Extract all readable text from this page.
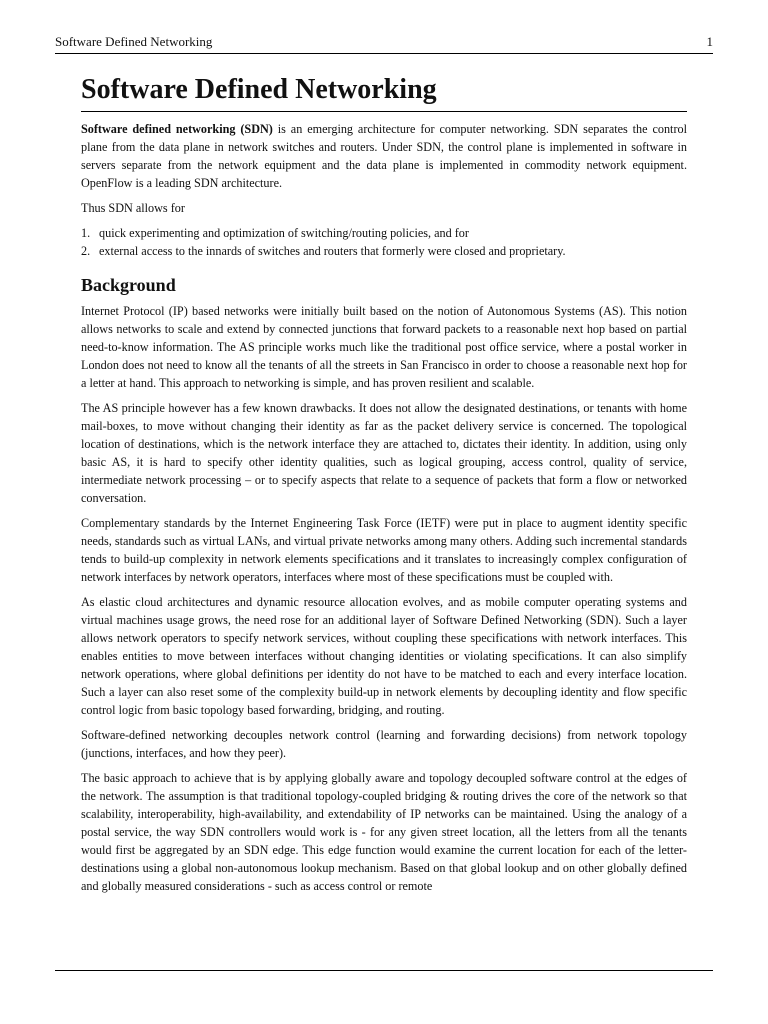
Software Defined Networking	1
Software Defined Networking

Software defined networking (SDN) is an emerging architecture for computer networking. SDN separates the control plane from the data plane in network switches and routers. Under SDN, the control plane is implemented in software in servers separate from the network equipment and the data plane is implemented in commodity network equipment. OpenFlow is a leading SDN architecture.

Thus SDN allows for

1. quick experimenting and optimization of switching/routing policies, and for
2. external access to the innards of switches and routers that formerly were closed and proprietary.
Background

Internet Protocol (IP) based networks were initially built based on the notion of Autonomous Systems (AS). This notion allows networks to scale and extend by connected junctions that forward packets to a reasonable next hop based on partial need-to-know information. The AS principle works much like the traditional post office service, where a postal worker in London does not need to know all the tenants of all the streets in San Francisco in order to choose a reasonable next hop for a letter at hand. This approach to networking is simple, and has proven resilient and scalable.

The AS principle however has a few known drawbacks. It does not allow the designated destinations, or tenants with home mail-boxes, to move without changing their identity as far as the packet delivery service is concerned. The topological location of destinations, which is the network interface they are attached to, dictates their identity. In addition, using only basic AS, it is hard to specify other identity qualities, such as logical grouping, access control, quality of service, intermediate network processing – or to specify aspects that relate to a sequence of packets that form a flow or networked conversation.

Complementary standards by the Internet Engineering Task Force (IETF) were put in place to augment identity specific needs, standards such as virtual LANs, and virtual private networks among many others. Adding such incremental standards tends to build-up complexity in network elements specifications and it translates to increasingly complex configuration of network interfaces by network operators, interfaces where most of these specifications must be coupled with.

As elastic cloud architectures and dynamic resource allocation evolves, and as mobile computer operating systems and virtual machines usage grows, the need rose for an additional layer of Software Defined Networking (SDN). Such a layer allows network operators to specify network services, without coupling these specifications with network interfaces. This enables entities to move between interfaces without changing identities or violating specifications. It can also simplify network operations, where global definitions per identity do not have to be matched to each and every interface location. Such a layer can also reset some of the complexity build-up in network elements by decoupling identity and flow specific control logic from basic topology based forwarding, bridging, and routing.

Software-defined networking decouples network control (learning and forwarding decisions) from network topology (junctions, interfaces, and how they peer).

The basic approach to achieve that is by applying globally aware and topology decoupled software control at the edges of the network. The assumption is that traditional topology-coupled bridging & routing drives the core of the network so that scalability, interoperability, high-availability, and extendability of IP networks can be maintained. Using the analogy of a postal service, the way SDN controllers would work is - for any given street location, all the letters from all the tenants would first be aggregated by an SDN edge. This edge function would examine the current location for each of the letter-destinations using a global non-autonomous lookup mechanism. Based on that global lookup and on other globally defined and globally measured considerations - such as access control or remote
